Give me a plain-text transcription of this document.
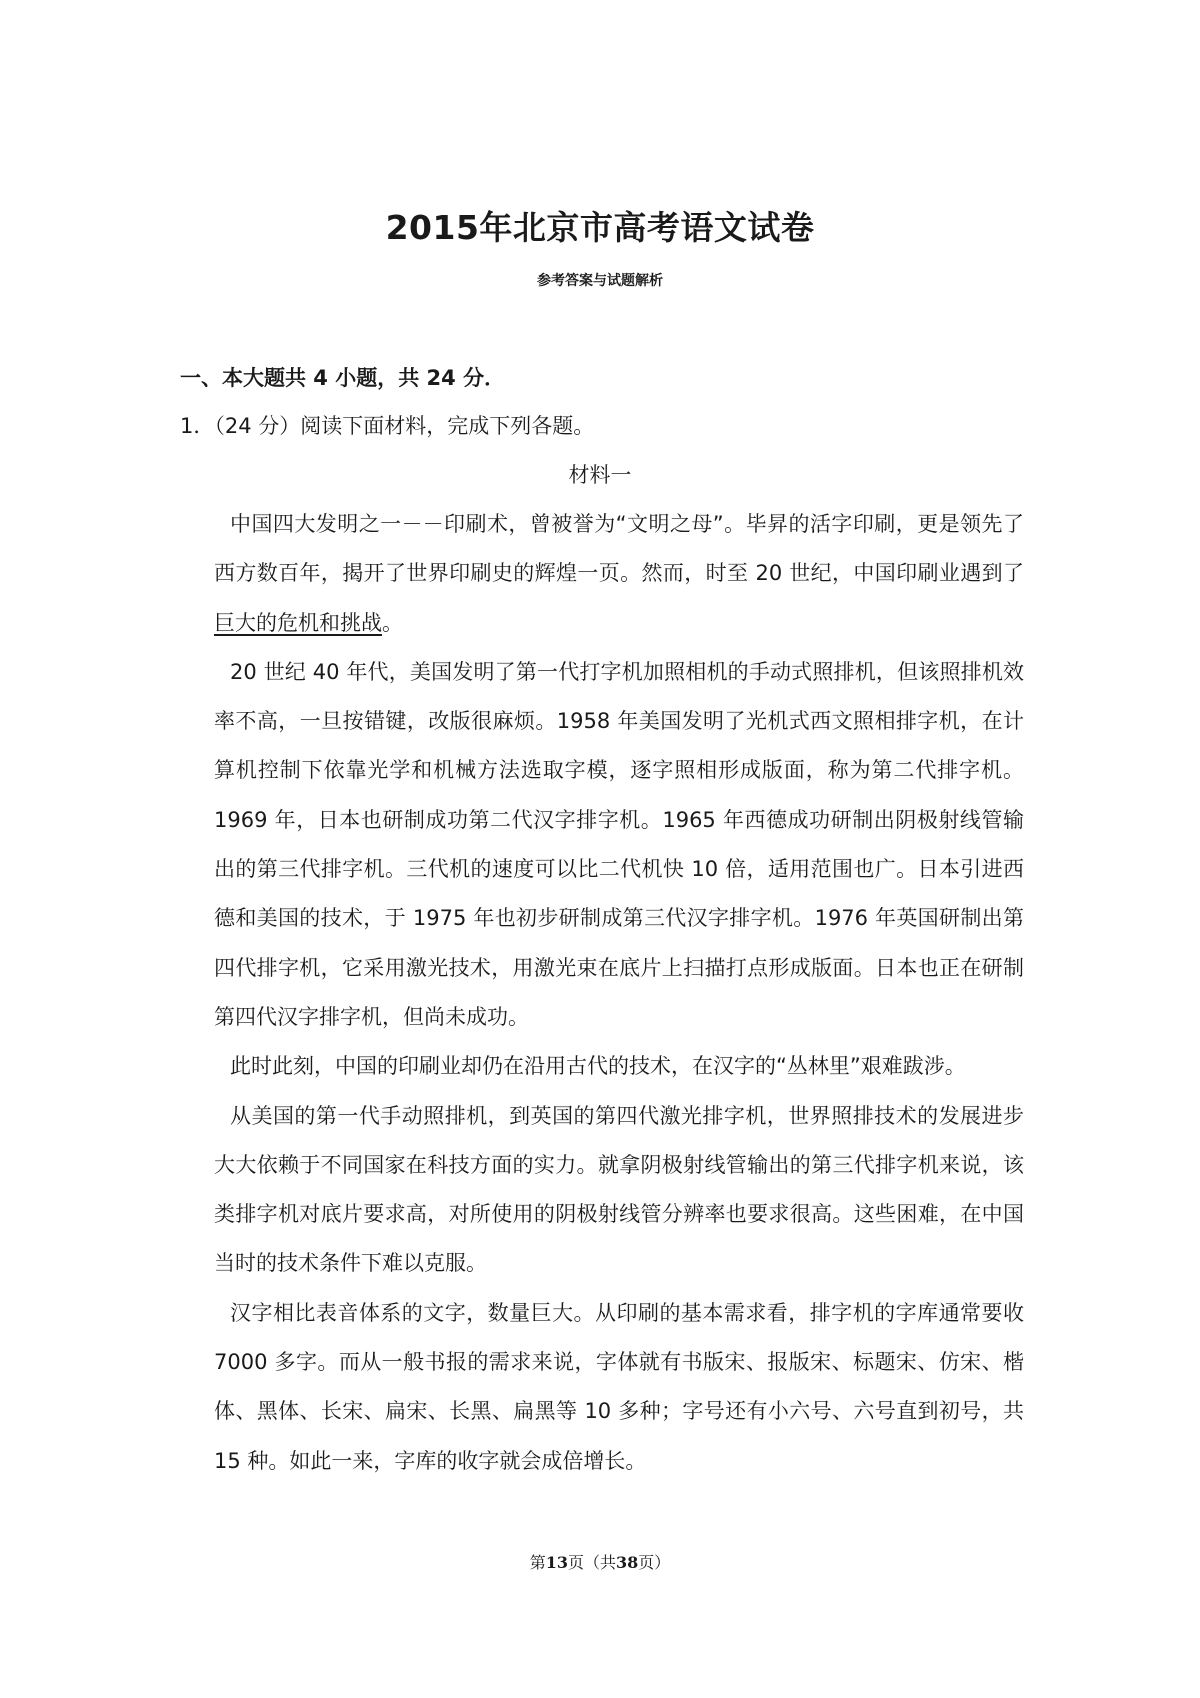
2015年北京市高考语文试卷
参考答案与试题解析
一、本大题共 4 小题，共 24 分．
1．（24 分）阅读下面材料，完成下列各题。
材料一

中国四大发明之一－－印刷术，曾被誉为“文明之母”。毕昇的活字印刷，更是领先了西方数百年，揭开了世界印刷史的辉煌一页。然而，时至 20 世纪，中国印刷业遇到了 巨大的危机和挑战。

20 世纪 40 年代，美国发明了第一代打字机加照相机的手动式照排机，但该照排机效率不高，一旦按错键，改版很麻烦。1958 年美国发明了光机式西文照相排字机，在计算机控制下依靠光学和机械方法选取字模，逐字照相形成版面，称为第二代排字机。1969 年，日本也研制成功第二代汉字排字机。1965 年西德成功研制出阴极射线管输出的第三代排字机。三代机的速度可以比二代机快 10 倍，适用范围也广。日本引进西德和美国的技术，于 1975 年也初步研制成第三代汉字排字机。1976 年英国研制出第四代排字机，它采用激光技术，用激光束在底片上扫描打点形成版面。日本也正在研制第四代汉字排字机，但尚未成功。

此时此刻，中国的印刷业却仍在沿用古代的技术，在汉字的“丛林里”艰难跋涉。

从美国的第一代手动照排机，到英国的第四代激光排字机，世界照排技术的发展进步大大依赖于不同国家在科技方面的实力。就拿阴极射线管输出的第三代排字机来说，该类排字机对底片要求高，对所使用的阴极射线管分辨率也要求很高。这些困难，在中国当时的技术条件下难以克服。

汉字相比表音体系的文字，数量巨大。从印刷的基本需求看，排字机的字库通常要收 7000 多字。而从一般书报的需求来说，字体就有书版宋、报版宋、标题宋、仿宋、楷体、黑体、长宋、扁宋、长黑、扁黑等 10 多种；字号还有小六号、六号直到初号，共 15 种。如此一来，字库的收字就会成倍增长。

第13页（共38页）
